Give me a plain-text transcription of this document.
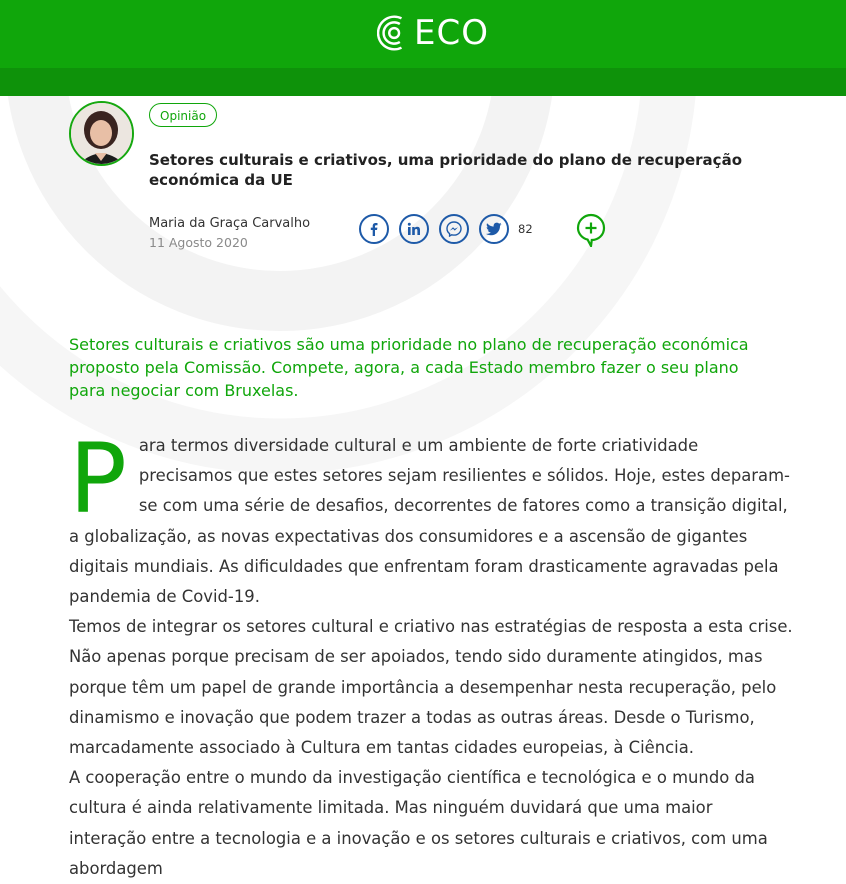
ECO
Opinião
Setores culturais e criativos, uma prioridade do plano de recuperação económica da UE
Maria da Graça Carvalho
11 Agosto 2020
82

Setores culturais e criativos são uma prioridade no plano de recuperação económica proposto pela Comissão. Compete, agora, a cada Estado membro fazer o seu plano para negociar com Bruxelas.

P ara termos diversidade cultural e um ambiente de forte criatividade precisamos que estes setores sejam resilientes e sólidos. Hoje, estes deparam-se com uma série de desafios, decorrentes de fatores como a transição digital, a globalização, as novas expectativas dos consumidores e a ascensão de gigantes digitais mundiais. As dificuldades que enfrentam foram drasticamente agravadas pela pandemia de Covid-19.

Temos de integrar os setores cultural e criativo nas estratégias de resposta a esta crise. Não apenas porque precisam de ser apoiados, tendo sido duramente atingidos, mas porque têm um papel de grande importância a desempenhar nesta recuperação, pelo dinamismo e inovação que podem trazer a todas as outras áreas. Desde o Turismo, marcadamente associado à Cultura em tantas cidades europeias, à Ciência.

A cooperação entre o mundo da investigação científica e tecnológica e o mundo da cultura é ainda relativamente limitada. Mas ninguém duvidará que uma maior interação entre a tecnologia e a inovação e os setores culturais e criativos, com uma abordagem
